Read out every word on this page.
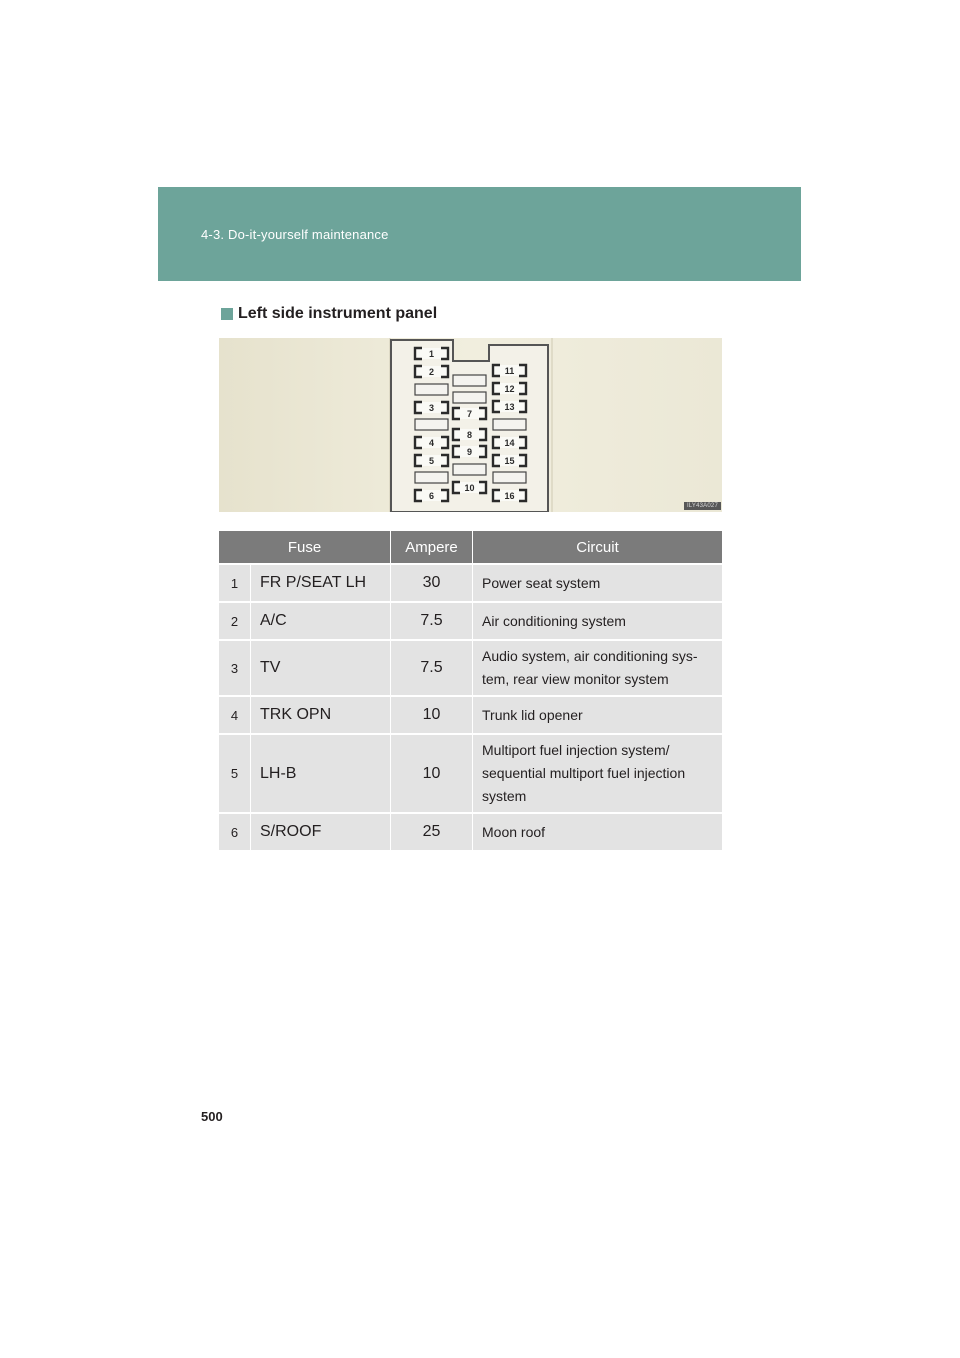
4-3. Do-it-yourself maintenance
Left side instrument panel
1
2
3
4
5
6
7
8
9
10
11
12
13
14
15
16
ILY43A027
Fuse		Ampere	Circuit
1	FR P/SEAT LH	30	Power seat system
2	A/C	7.5	Air conditioning system
3	TV	7.5	Audio system, air conditioning sys-tem, rear view monitor system
4	TRK OPN	10	Trunk lid opener
5	LH-B	10	Multiport fuel injection system/ sequential multiport fuel injection system
6	S/ROOF	25	Moon roof
500
